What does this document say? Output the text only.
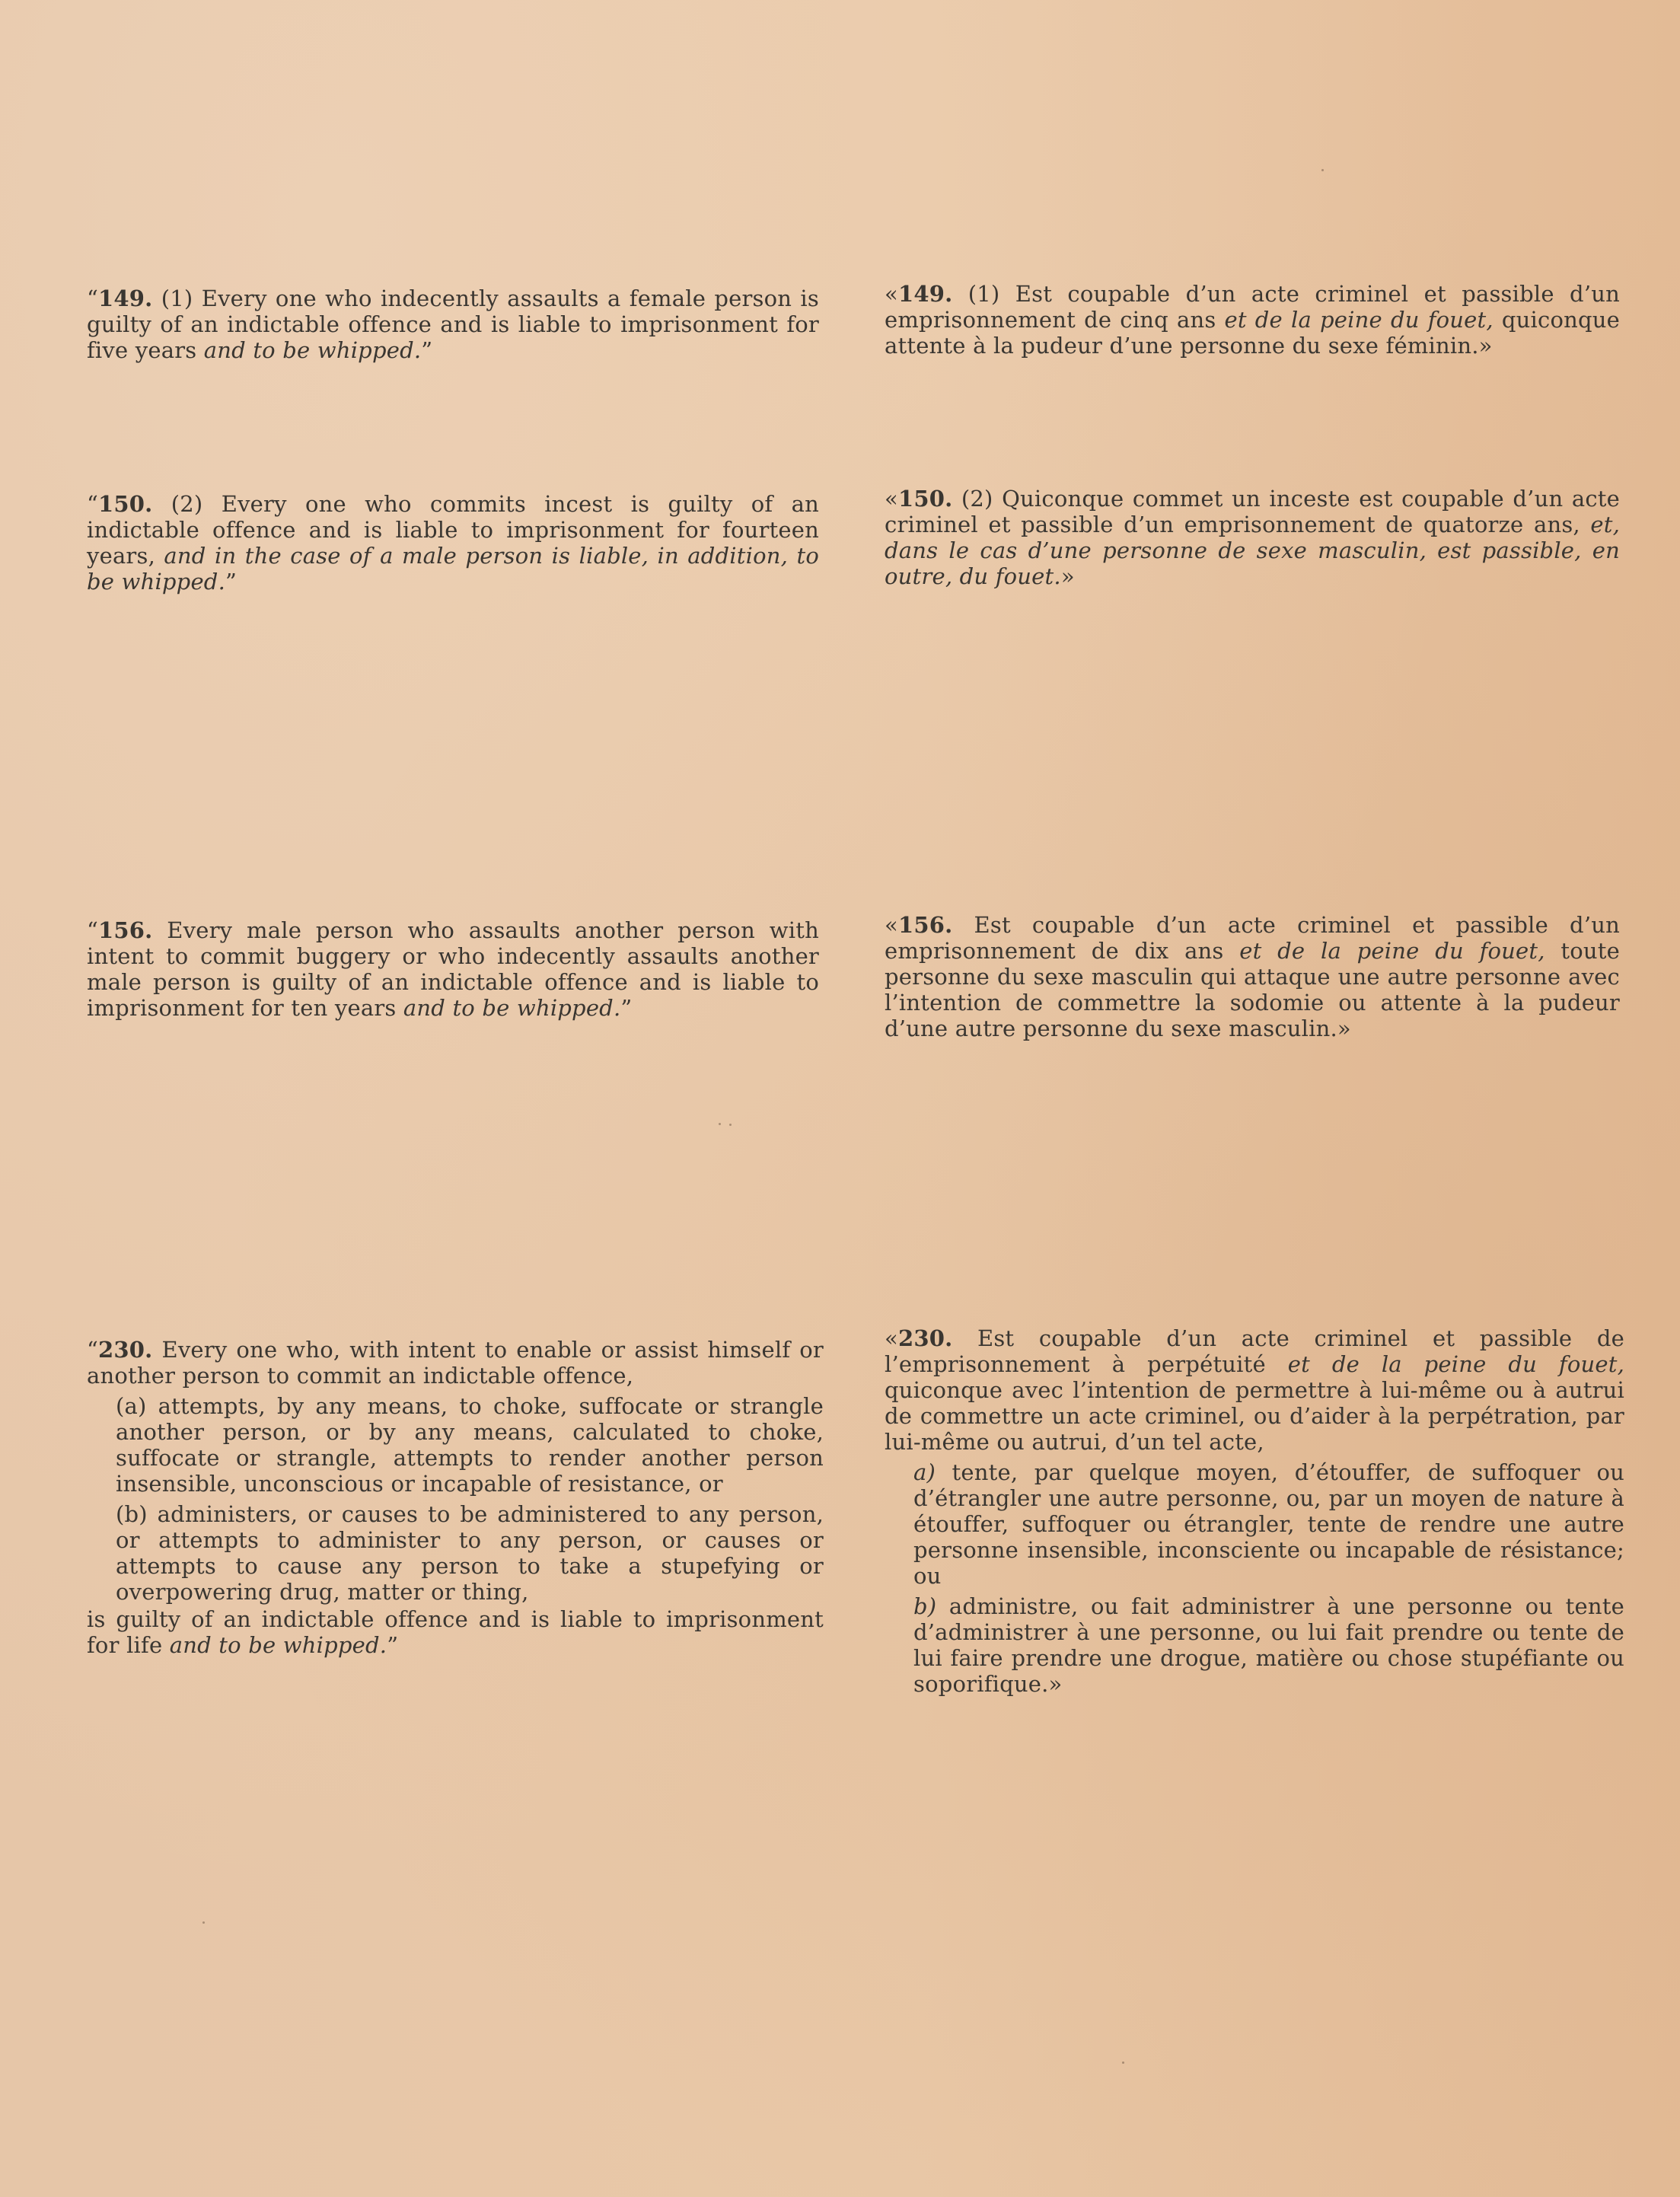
“149. (1) Every one who indecently assaults a female person is guilty of an indictable offence and is liable to imprisonment for five years and to be whipped.”

“150. (2) Every one who commits incest is guilty of an indictable offence and is liable to imprisonment for fourteen years, and in the case of a male person is liable, in addition, to be whipped.”

“156. Every male person who assaults another person with intent to commit buggery or who indecently assaults another male person is guilty of an indictable offence and is liable to imprisonment for ten years and to be whipped.”

“230. Every one who, with intent to enable or assist himself or another person to commit an indictable offence,

(a) attempts, by any means, to choke, suffocate or strangle another person, or by any means, calculated to choke, suffocate or strangle, attempts to render another person insensible, unconscious or incapable of resistance, or

(b) administers, or causes to be administered to any person, or attempts to administer to any person, or causes or attempts to cause any person to take a stupefying or overpowering drug, matter or thing,

is guilty of an indictable offence and is liable to imprisonment for life and to be whipped.”

«149. (1) Est coupable d’un acte criminel et passible d’un emprisonnement de cinq ans et de la peine du fouet, quiconque attente à la pudeur d’une personne du sexe féminin.»

«150. (2) Quiconque commet un inceste est coupable d’un acte criminel et passible d’un emprisonnement de quatorze ans, et, dans le cas d’une personne de sexe masculin, est passible, en outre, du fouet.»

«156. Est coupable d’un acte criminel et passible d’un emprisonnement de dix ans et de la peine du fouet, toute personne du sexe masculin qui attaque une autre personne avec l’intention de commettre la sodomie ou attente à la pudeur d’une autre personne du sexe masculin.»

«230. Est coupable d’un acte criminel et passible de l’emprisonnement à perpétuité et de la peine du fouet, quiconque avec l’intention de permettre à lui-même ou à autrui de commettre un acte criminel, ou d’aider à la perpétration, par lui-même ou autrui, d’un tel acte,

a) tente, par quelque moyen, d’étouffer, de suffoquer ou d’étrangler une autre personne, ou, par un moyen de nature à étouffer, suffoquer ou étrangler, tente de rendre une autre personne insensible, inconsciente ou incapable de résistance; ou

b) administre, ou fait administrer à une personne ou tente d’administrer à une personne, ou lui fait prendre ou tente de lui faire prendre une drogue, matière ou chose stupéfiante ou soporifique.»
